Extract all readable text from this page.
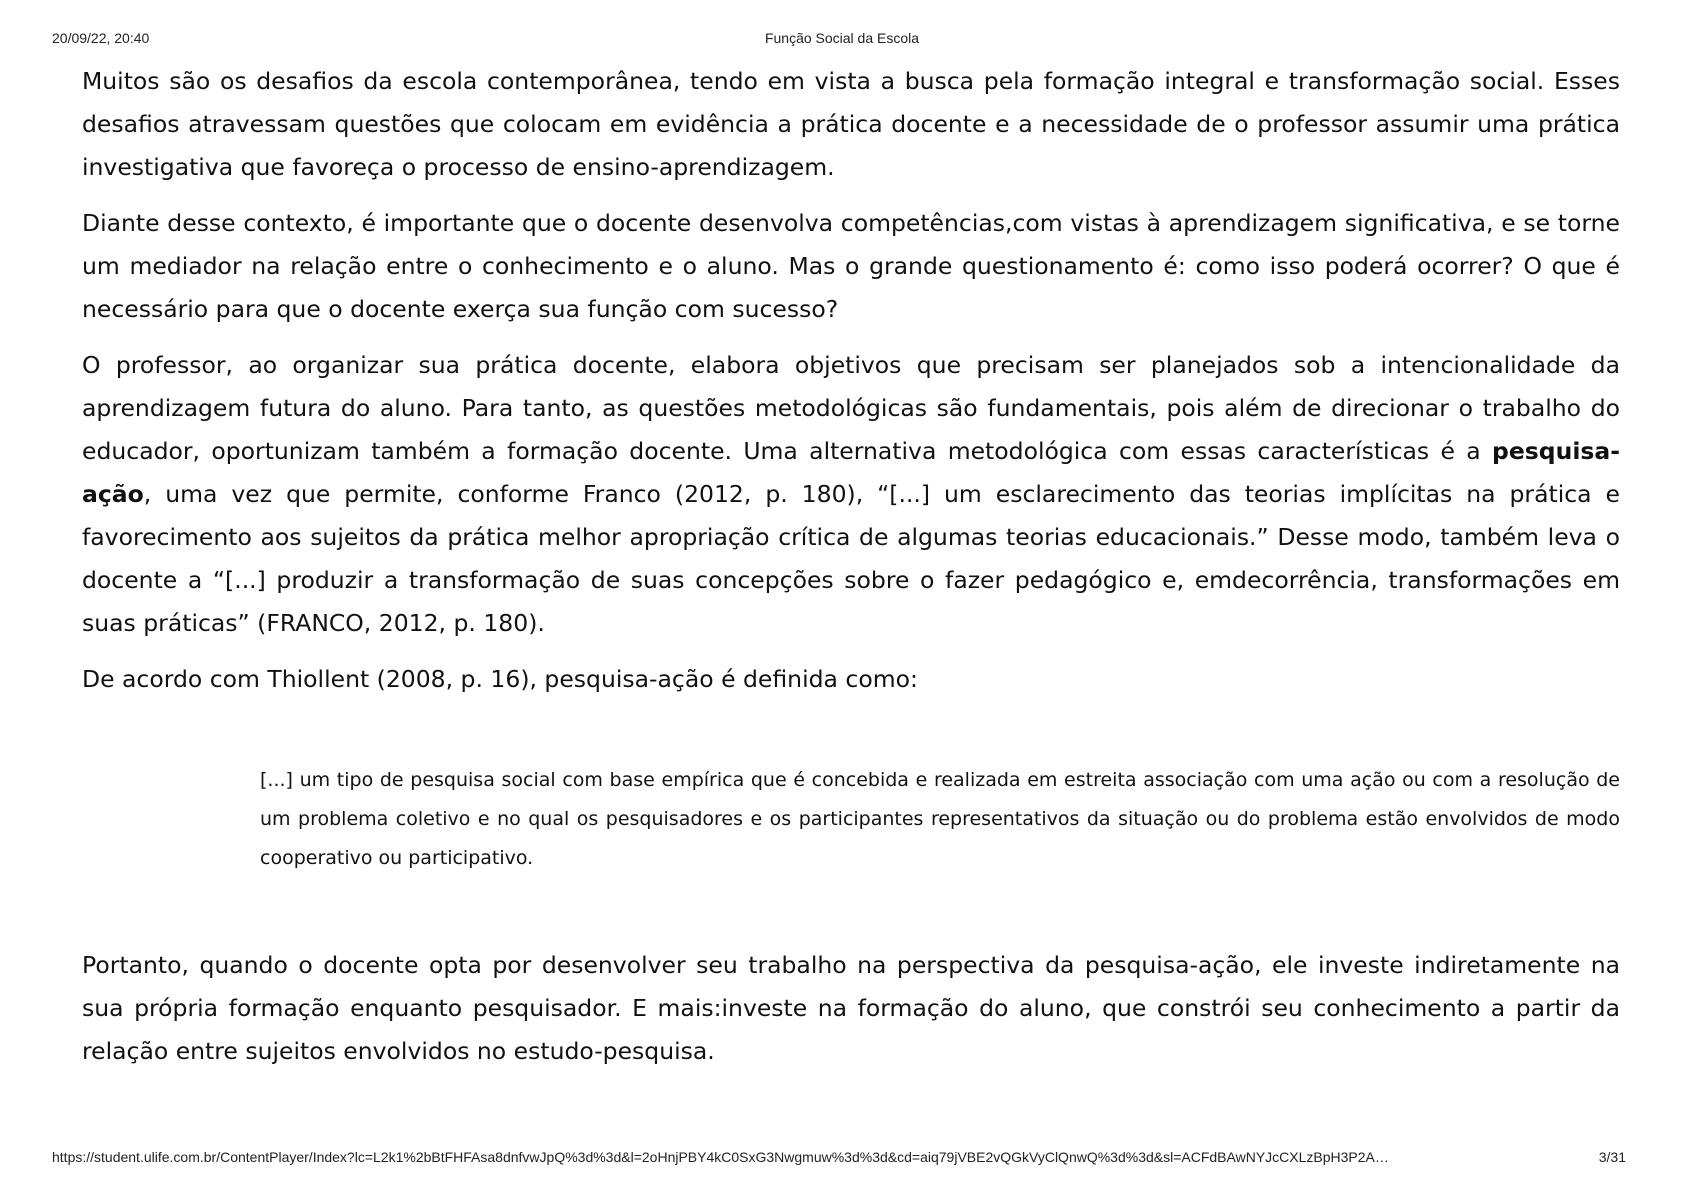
20/09/22, 20:40	Função Social da Escola

Muitos são os desafios da escola contemporânea, tendo em vista a busca pela formação integral e transformação social. Esses desafios atravessam questões que colocam em evidência a prática docente e a necessidade de o professor assumir uma prática investigativa que favoreça o processo de ensino-aprendizagem.

Diante desse contexto, é importante que o docente desenvolva competências,com vistas à aprendizagem significativa, e se torne um mediador na relação entre o conhecimento e o aluno. Mas o grande questionamento é: como isso poderá ocorrer? O que é necessário para que o docente exerça sua função com sucesso?

O professor, ao organizar sua prática docente, elabora objetivos que precisam ser planejados sob a intencionalidade da aprendizagem futura do aluno. Para tanto, as questões metodológicas são fundamentais, pois além de direcionar o trabalho do educador, oportunizam também a formação docente. Uma alternativa metodológica com essas características é a pesquisa-ação, uma vez que permite, conforme Franco (2012, p. 180), “[...] um esclarecimento das teorias implícitas na prática e favorecimento aos sujeitos da prática melhor apropriação crítica de algumas teorias educacionais.” Desse modo, também leva o docente a “[...] produzir a transformação de suas concepções sobre o fazer pedagógico e, emdecorrência, transformações em suas práticas” (FRANCO, 2012, p. 180).

De acordo com Thiollent (2008, p. 16), pesquisa-ação é definida como:

[...] um tipo de pesquisa social com base empírica que é concebida e realizada em estreita associação com uma ação ou com a resolução de um problema coletivo e no qual os pesquisadores e os participantes representativos da situação ou do problema estão envolvidos de modo cooperativo ou participativo.

Portanto, quando o docente opta por desenvolver seu trabalho na perspectiva da pesquisa-ação, ele investe indiretamente na sua própria formação enquanto pesquisador. E mais:investe na formação do aluno, que constrói seu conhecimento a partir da relação entre sujeitos envolvidos no estudo-pesquisa.

https://student.ulife.com.br/ContentPlayer/Index?lc=L2k1%2bBtFHFAsa8dnfvwJpQ%3d%3d&l=2oHnjPBY4kC0SxG3Nwgmuw%3d%3d&cd=aiq79jVBE2vQGkVyClQnwQ%3d%3d&sl=ACFdBAwNYJcCXLzBpH3P2A…	3/31
